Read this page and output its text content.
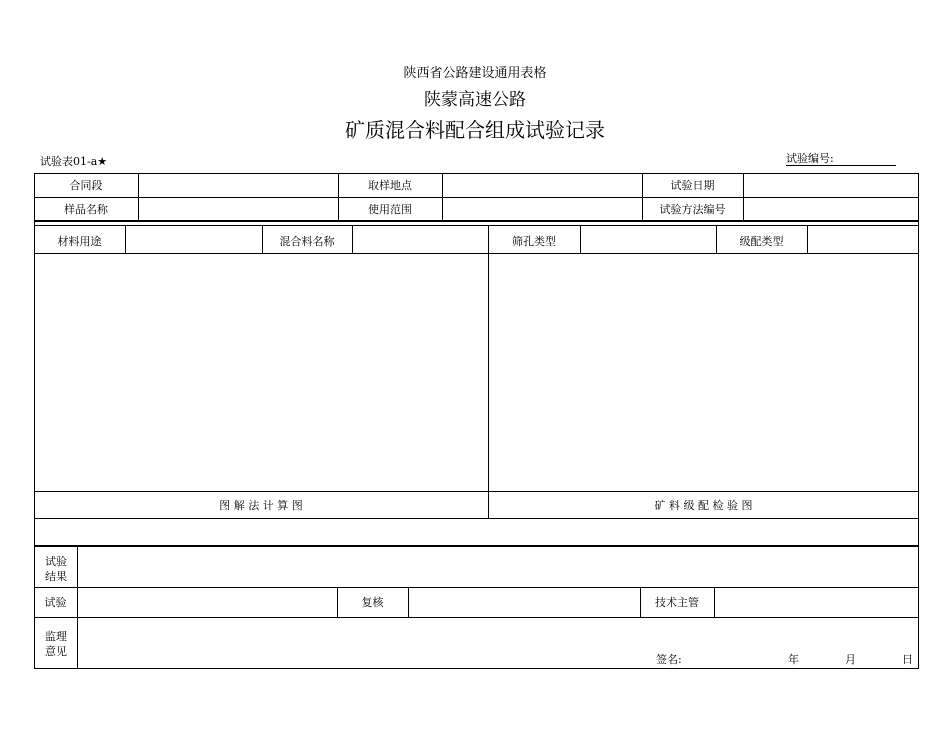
陕西省公路建设通用表格
陕蒙高速公路
矿质混合料配合组成试验记录
试验表01-a★	试验编号:
合同段	取样地点	试验日期
样品名称	使用范围	试验方法编号
材料用途	混合料名称	筛孔类型	级配类型
图 解 法 计 算 图	矿 料 级 配 检 验 图
试验
结果
试验	复核	技术主管
监理
意见
签名:	年	月	日
